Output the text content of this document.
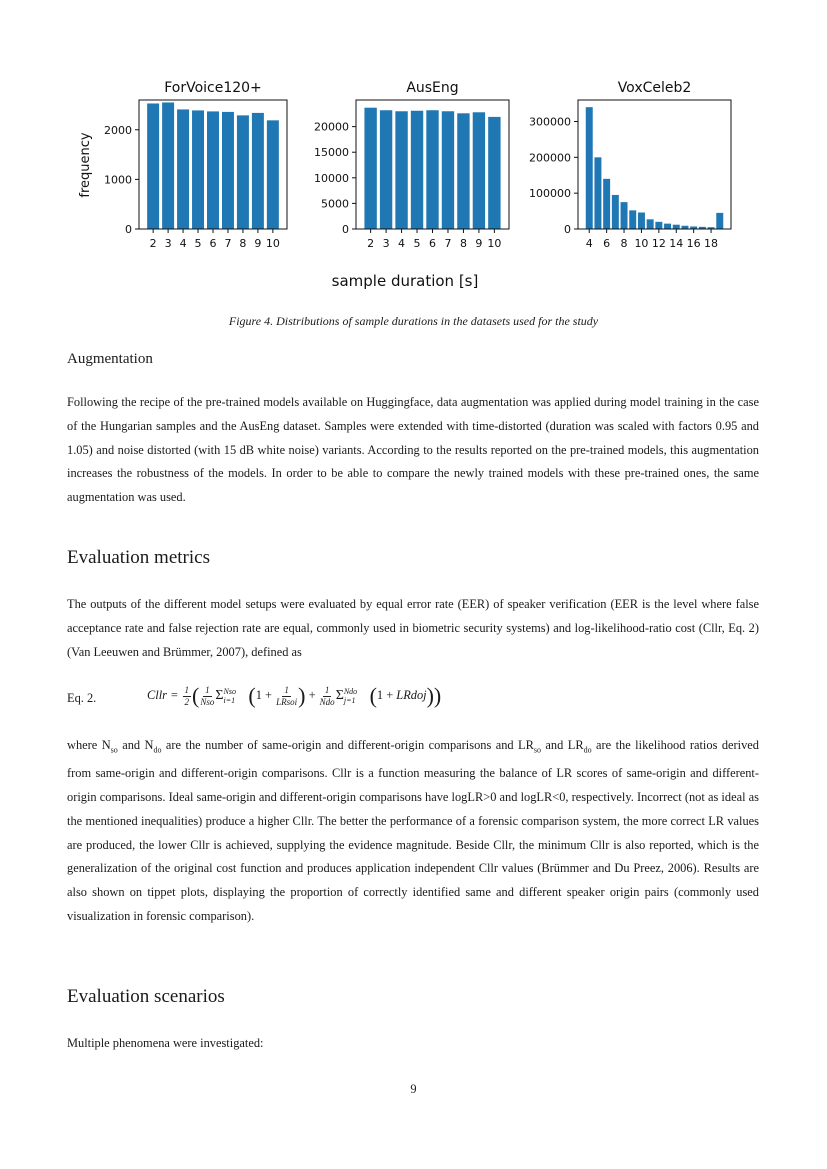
frequency
sample duration [s]
ForVoice120+
0
1000
2000
2 3 4 5 6 7 8 9 10
AusEng
0
5000
10000
15000
20000
2 3 4 5 6 7 8 9 10
VoxCeleb2
0
100000
200000
300000
4 6 8 10 12 14 16 18
Figure 4. Distributions of sample durations in the datasets used for the study
Augmentation

Following the recipe of the pre-trained models available on Huggingface, data augmentation was applied during model training in the case of the Hungarian samples and the AusEng dataset. Samples were extended with time-distorted (duration was scaled with factors 0.95 and 1.05) and noise distorted (with 15 dB white noise) variants. According to the results reported on the pre-trained models, this augmentation increases the robustness of the models. In order to be able to compare the newly trained models with these pre-trained ones, the same augmentation was used.

Evaluation metrics

The outputs of the different model setups were evaluated by equal error rate (EER) of speaker verification (EER is the level where false acceptance rate and false rejection rate are equal, commonly used in biometric security systems) and log-likelihood-ratio cost (Cllr, Eq. 2) (Van Leeuwen and Brümmer, 2007), defined as

Eq. 2.	Cllr = $\frac{1}{2}$ ( $\frac{1}{\text{Nso}}$ Σ Nso
i=1 ($1 + \frac{1}{\text{LRsoi}}$ ) + $\frac{1}{\text{Ndo}}$ Σ Ndo
j=1 (1 + LRdoj))

where $N_{so}$ and $N_{do}$ are the number of same-origin and different-origin comparisons and $LR_{so}$ and $LR_{do}$ are the likelihood ratios derived from same-origin and different-origin comparisons. Cllr is a function measuring the balance of LR scores of same-origin and different-origin comparisons. Ideal same-origin and different-origin comparisons have logLR>0 and logLR<0, respectively. Incorrect (not as ideal as the mentioned inequalities) produce a higher Cllr. The better the performance of a forensic comparison system, the more correct LR values are produced, the lower Cllr is achieved, supplying the evidence magnitude. Beside Cllr, the minimum Cllr is also reported, which is the generalization of the original cost function and produces application independent Cllr values (Brümmer and Du Preez, 2006). Results are also shown on tippet plots, displaying the proportion of correctly identified same and different speaker origin pairs (commonly used visualization in forensic comparison).

Evaluation scenarios

Multiple phenomena were investigated:

9
